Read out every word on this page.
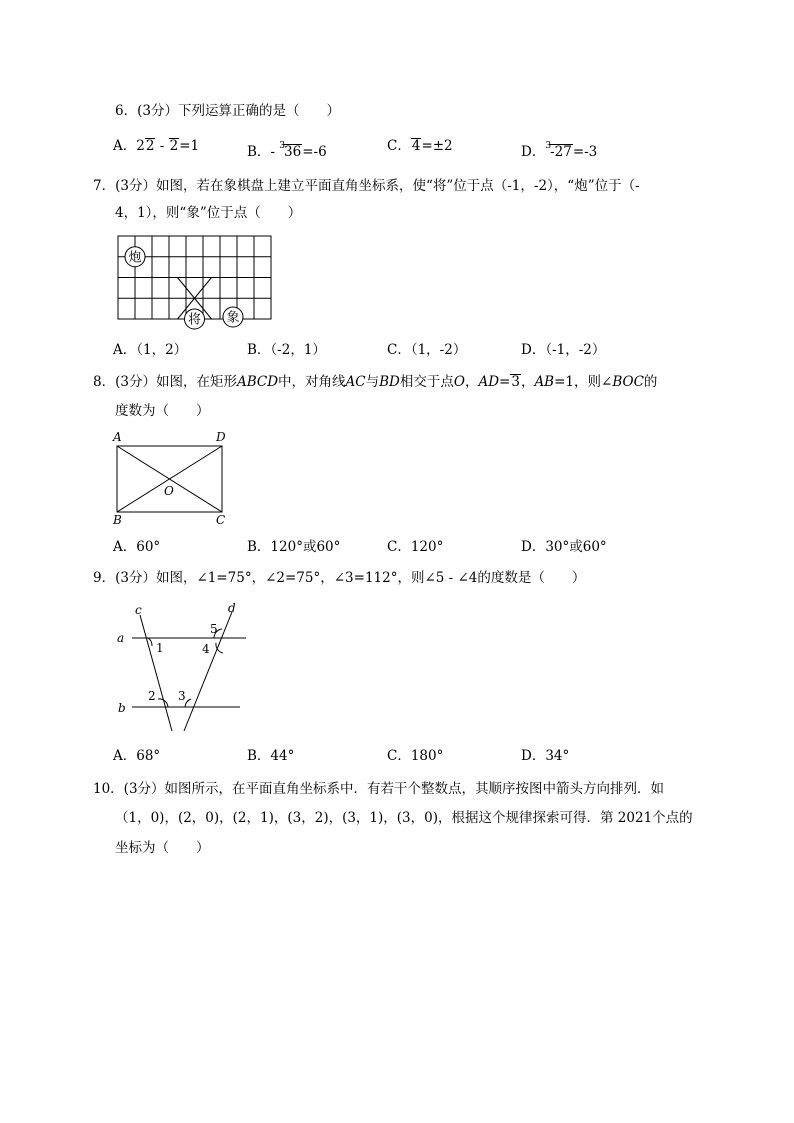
6．(3分）下列运算正确的是（　　）
A．22 - 2=1	B．- $^3$36=-6	C．4=±2	D．$^3$-27=-3
7．(3分）如图，若在象棋盘上建立平面直角坐标系，使“将”位于点（-1，-2），“炮”位于（-
4，1），则“象”位于点（　　）
炮
将 象
A．（1，2）	B．（-2，1）	C．（1，-2）	D．（-1，-2）
8．(3分）如图，在矩形ABCD中，对角线AC与BD相交于点O，AD=3，AB=1，则∠BOC的
度数为（　　）
A	D
B	C
O
A．60°	B．120°或60°	C．120°	D．30°或60°
9．(3分）如图，∠1=75°，∠2=75°，∠3=112°，则∠5 - ∠4的度数是（　　）
a
b
c	d
1
2 3
4
5
A．68°	B．44°	C．180°	D．34°
10．(3分）如图所示，在平面直角坐标系中．有若干个整数点，其顺序按图中箭头方向排列．如
（1，0)，(2，0)，(2，1)，(3，2)，(3，1)，(3，0)，根据这个规律探索可得．第 2021个点的
坐标为（　　）
